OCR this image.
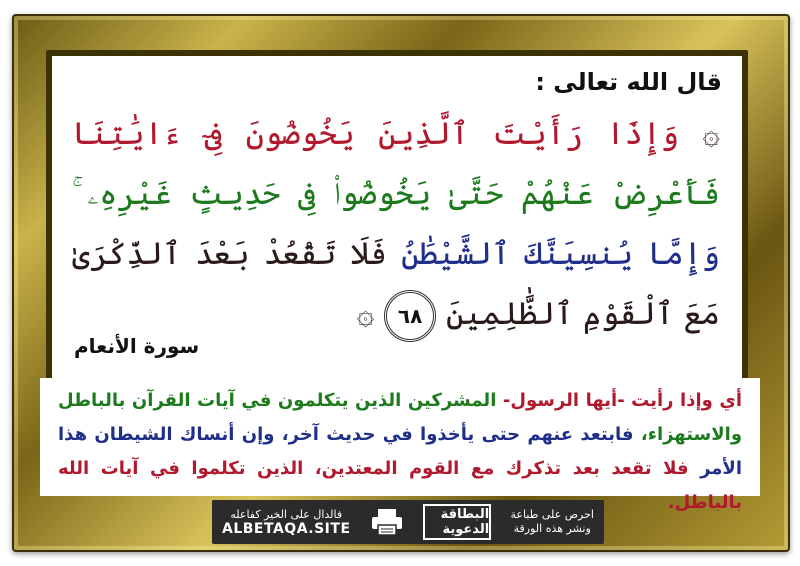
قال الله تعالى :
۞ وَإِذَا رَأَيْتَ ٱلَّذِينَ يَخُوضُونَ فِىٓ ءَايَٰتِنَا فَأَعْرِضْ عَنْهُمْ حَتَّىٰ يَخُوضُوا۟ فِى حَدِيثٍ غَيْرِهِۦ ۚ وَإِمَّا يُنسِيَنَّكَ ٱلشَّيْطَٰنُ فَلَا تَقْعُدْ بَعْدَ ٱلذِّكْرَىٰ مَعَ ٱلْقَوْمِ ٱلظَّٰلِمِينَ ٦٨ ۞
سورة الأنعام
أي وإذا رأيت -أيها الرسول- المشركين الذين يتكلمون في آيات القرآن بالباطل والاستهزاء، فابتعد عنهم حتى يأخذوا في حديث آخر، وإن أنساك الشيطان هذا الأمر فلا تقعد بعد تذكرك مع القوم المعتدين، الذين تكلموا في آيات الله بالباطل.
فالدال على الخير كفاعله
ALBETAQA.SITE
البطاقة الدعوية
احرص على طباعة
ونشر هذه الورقة
